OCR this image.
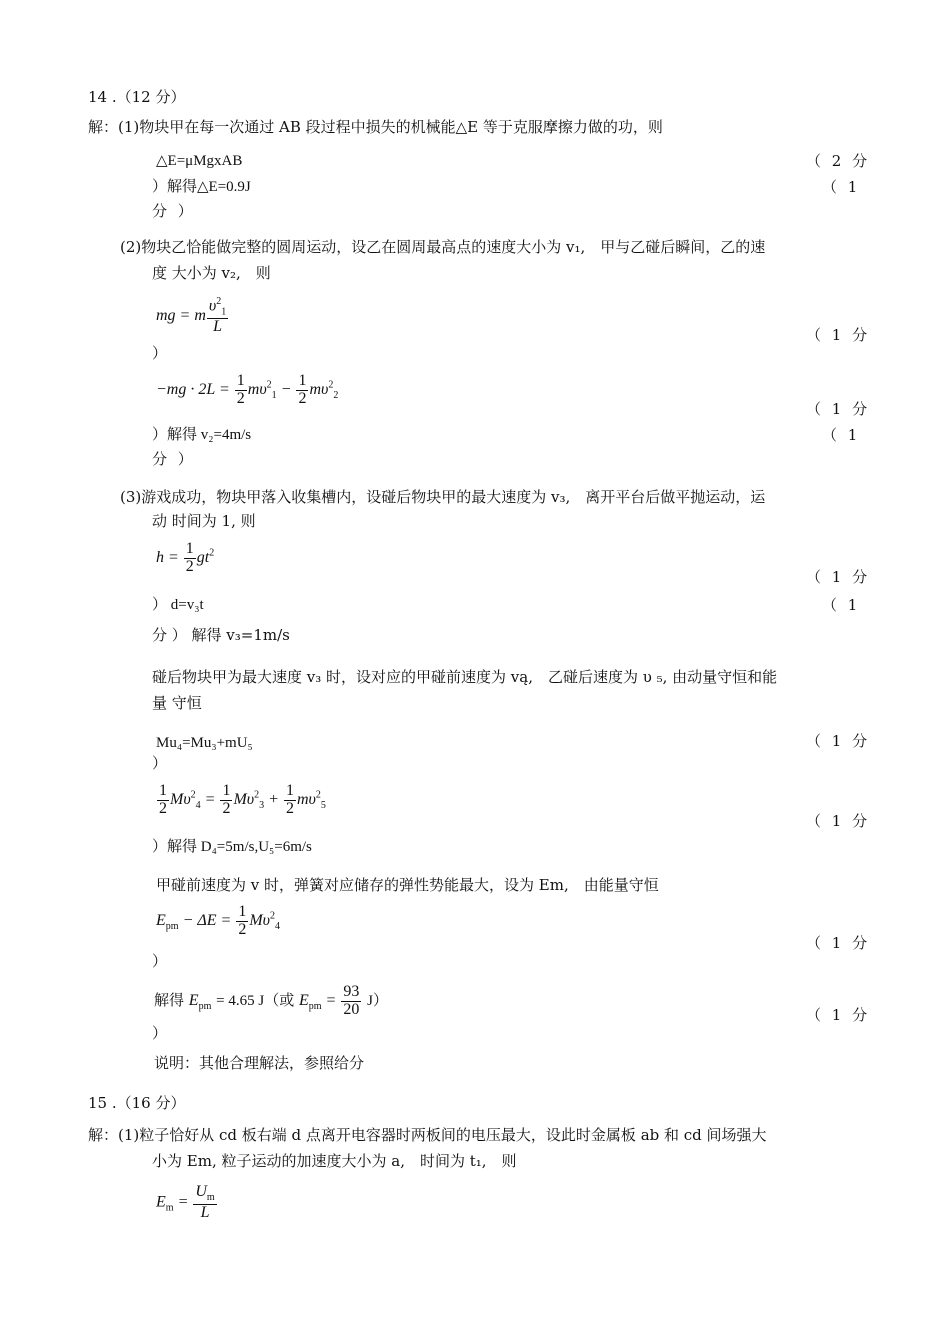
14 .（12 分）
解：(1)物块甲在每一次通过 AB 段过程中损失的机械能△E 等于克服摩擦力做的功，则
△E=μMgxAB	（ 2 分
）解得△E=0.9J	（ 1
分 ）
(2)物块乙恰能做完整的圆周运动，设乙在圆周最高点的速度大小为 v₁,　甲与乙碰后瞬间，乙的速
度 大小为 v₂,　则
mg = m $\frac{\upsilon^2_1}{L}$	（ 1 分
）
$-mg \cdot 2L = \frac{1}{2} m\upsilon^2_1 - \frac{1}{2} m\upsilon^2_2$
（ 1 分
）解得 v₂=4m/s	（ 1
分 ）
(3)游戏成功，物块甲落入收集槽内，设碰后物块甲的最大速度为 v₃,　离开平台后做平抛运动，运
动 时间为 1, 则
$h = \frac{1}{2} gt^2$
（ 1 分
） d=v₃t	（ 1
分 ） 解得 v₃=1m/s
碰后物块甲为最大速度 v₃ 时，设对应的甲碰前速度为 vą,　乙碰后速度为 υ ₅, 由动量守恒和能
量 守恒
Mu₄=Mu₃+mU₅	（ 1 分
）
$\frac{1}{2} M\upsilon^2_4 = \frac{1}{2} M\upsilon^2_3 + \frac{1}{2} m\upsilon^2_5$
（ 1 分
）解得 D₄=5m/s,U₅=6m/s
甲碰前速度为 v 时，弹簧对应储存的弹性势能最大，设为 Em,　由能量守恒
$E_{pm} - \Delta E = \frac{1}{2} M\upsilon^2_4$
（ 1 分
）
解得 $E_{pm} = 4.65$ J（或 $E_{pm} = \frac{93}{20} J$）
（ 1 分
）
说明：其他合理解法，参照给分
15 .（16 分）
解：(1)粒子恰好从 cd 板右端 d 点离开电容器时两板间的电压最大，设此时金属板 ab 和 cd 间场强大
小为 Em, 粒子运动的加速度大小为 a,　时间为 t₁,　则
$E_m = \frac{U_m}{L}$
